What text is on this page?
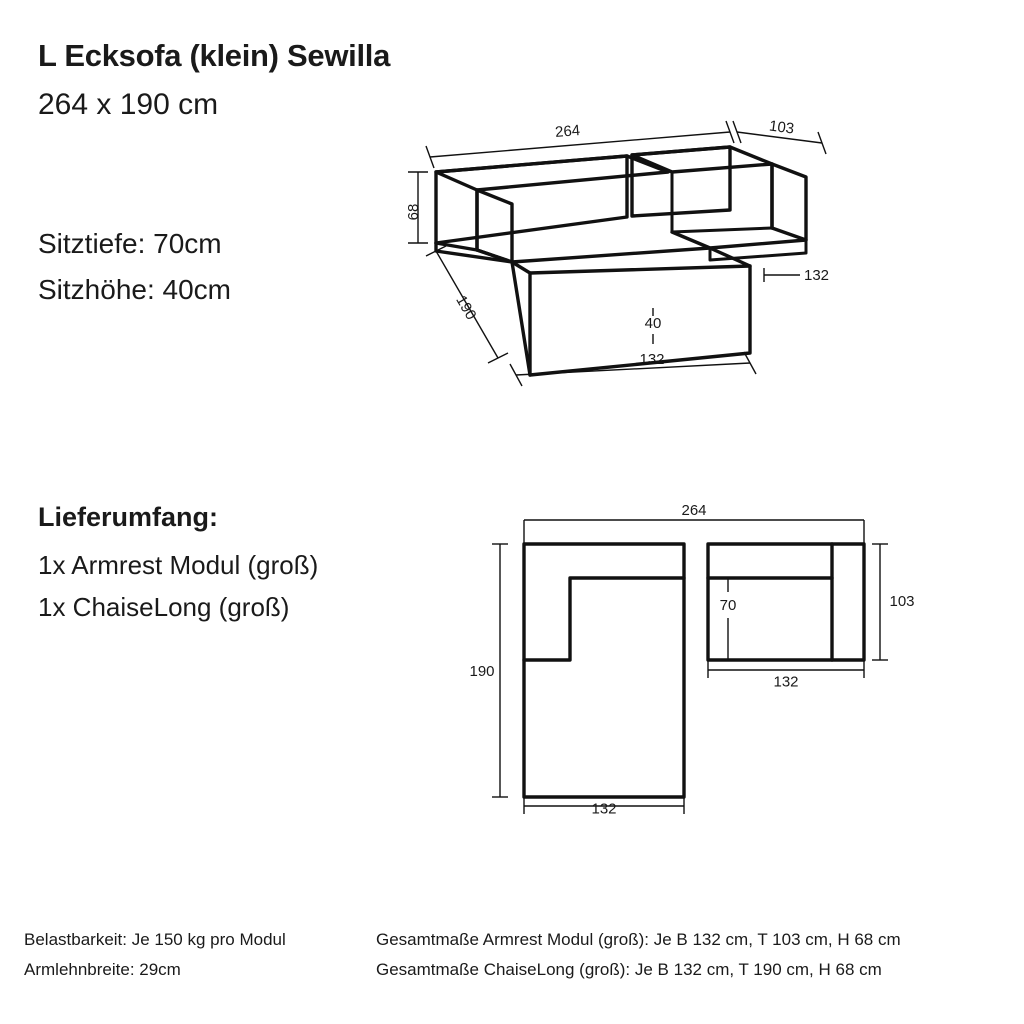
L Ecksofa (klein) Sewilla
264 x 190 cm
Sitztiefe: 70cm
Sitzhöhe: 40cm
264	103
68
190
132
132
40
Lieferumfang:
1x Armrest Modul (groß)
1x ChaiseLong (groß)
264
190
132
70	103
132
Belastbarkeit: Je 150 kg pro Modul
Armlehnbreite: 29cm
Gesamtmaße Armrest Modul (groß): Je B 132 cm, T 103 cm, H 68 cm
Gesamtmaße ChaiseLong (groß): Je B 132 cm, T 190 cm, H 68 cm
